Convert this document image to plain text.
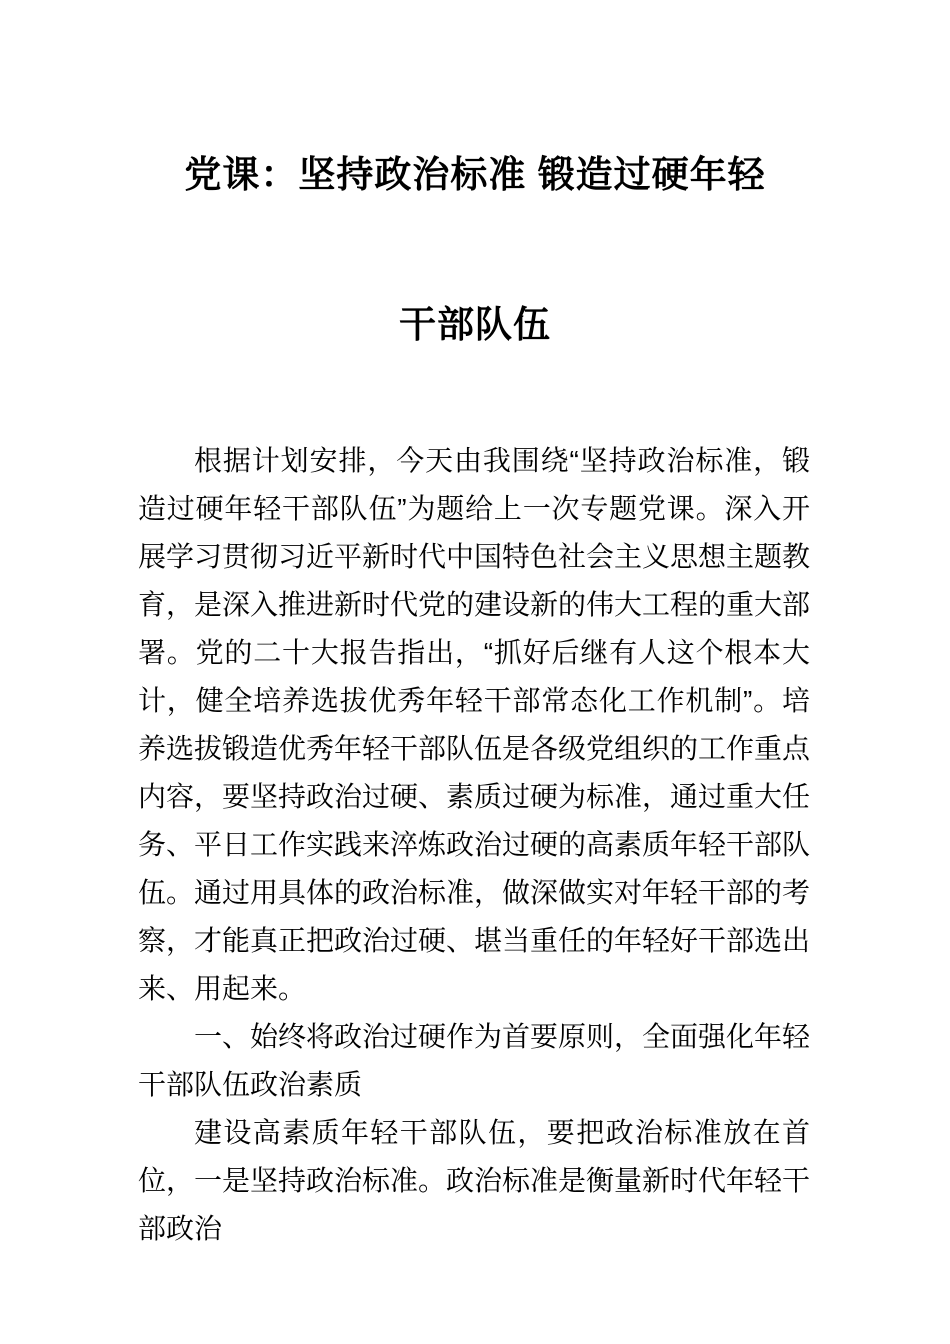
党课：坚持政治标准 锻造过硬年轻
干部队伍

根据计划安排，今天由我围绕“坚持政治标准，锻造过硬年轻干部队伍”为题给上一次专题党课。深入开展学习贯彻习近平新时代中国特色社会主义思想主题教育，是深入推进新时代党的建设新的伟大工程的重大部署。党的二十大报告指出，“抓好后继有人这个根本大计，健全培养选拔优秀年轻干部常态化工作机制”。培养选拔锻造优秀年轻干部队伍是各级党组织的工作重点内容，要坚持政治过硬、素质过硬为标准，通过重大任务、平日工作实践来淬炼政治过硬的高素质年轻干部队伍。通过用具体的政治标准，做深做实对年轻干部的考察，才能真正把政治过硬、堪当重任的年轻好干部选出来、用起来。

一、始终将政治过硬作为首要原则，全面强化年轻干部队伍政治素质

建设高素质年轻干部队伍，要把政治标准放在首位，一是坚持政治标准。政治标准是衡量新时代年轻干部政治
